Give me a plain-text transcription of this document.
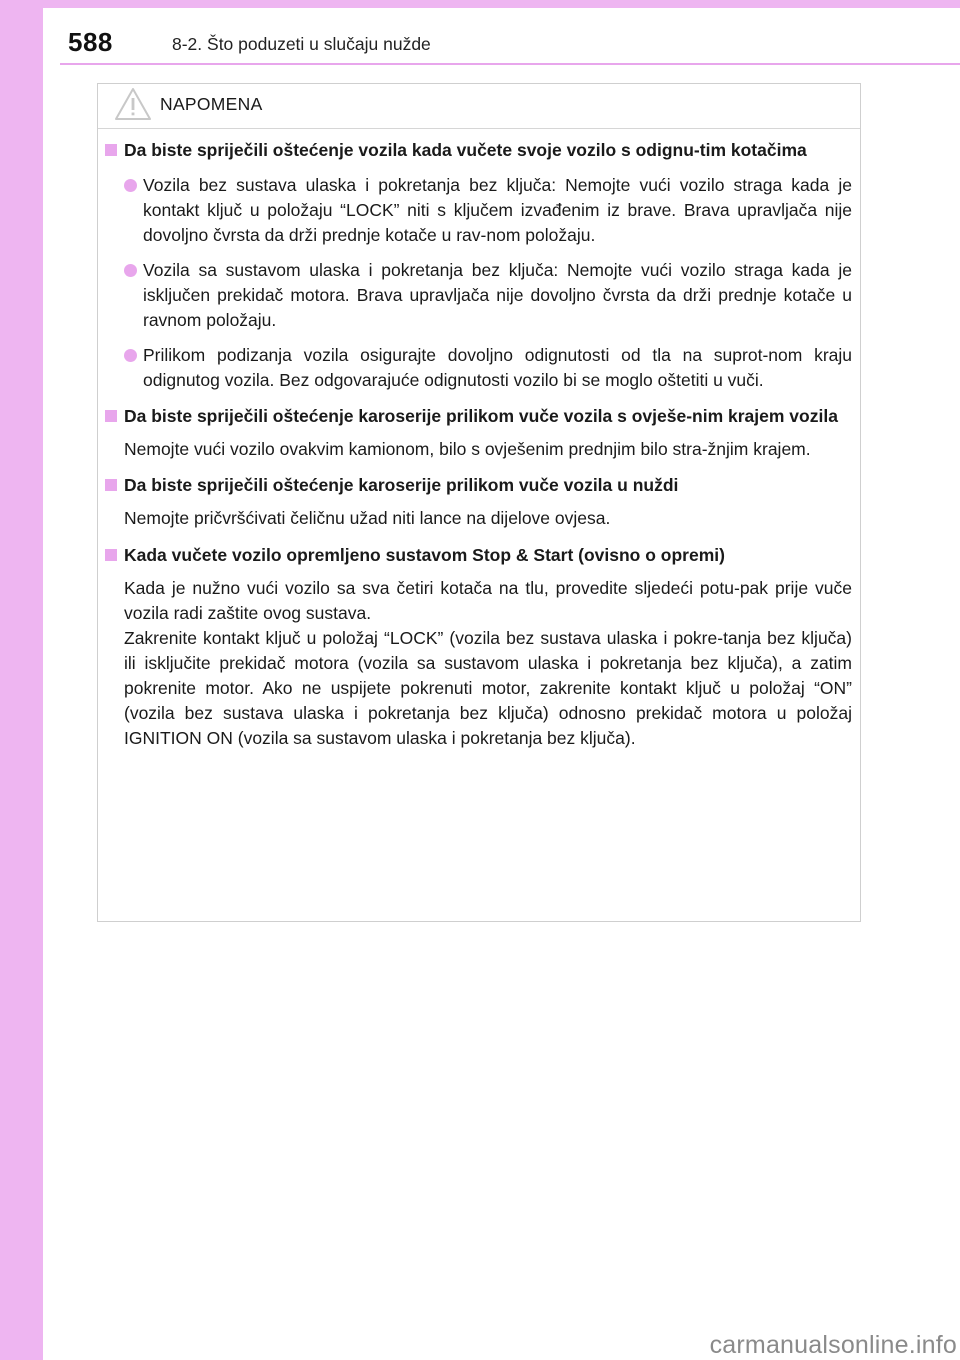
588	8-2. Što poduzeti u slučaju nužde
NAPOMENA
Da biste spriječili oštećenje vozila kada vučete svoje vozilo s odignu-tim kotačima
Vozila bez sustava ulaska i pokretanja bez ključa: Nemojte vući vozilo straga kada je kontakt ključ u položaju “LOCK” niti s ključem izvađenim iz brave. Brava upravljača nije dovoljno čvrsta da drži prednje kotače u rav-nom položaju.
Vozila sa sustavom ulaska i pokretanja bez ključa: Nemojte vući vozilo straga kada je isključen prekidač motora. Brava upravljača nije dovoljno čvrsta da drži prednje kotače u ravnom položaju.
Prilikom podizanja vozila osigurajte dovoljno odignutosti od tla na suprot-nom kraju odignutog vozila. Bez odgovarajuće odignutosti vozilo bi se moglo oštetiti u vuči.
Da biste spriječili oštećenje karoserije prilikom vuče vozila s ovješe-nim krajem vozila
Nemojte vući vozilo ovakvim kamionom, bilo s ovješenim prednjim bilo stra-žnjim krajem.
Da biste spriječili oštećenje karoserije prilikom vuče vozila u nuždi
Nemojte pričvršćivati čeličnu užad niti lance na dijelove ovjesa.
Kada vučete vozilo opremljeno sustavom Stop & Start (ovisno o opremi)
Kada je nužno vući vozilo sa sva četiri kotača na tlu, provedite sljedeći potu-pak prije vuče vozila radi zaštite ovog sustava.
Zakrenite kontakt ključ u položaj “LOCK” (vozila bez sustava ulaska i pokre-tanja bez ključa) ili isključite prekidač motora (vozila sa sustavom ulaska i pokretanja bez ključa), a zatim pokrenite motor. Ako ne uspijete pokrenuti motor, zakrenite kontakt ključ u položaj “ON” (vozila bez sustava ulaska i pokretanja bez ključa) odnosno prekidač motora u položaj IGNITION ON (vozila sa sustavom ulaska i pokretanja bez ključa).
carmanualsonline.info
